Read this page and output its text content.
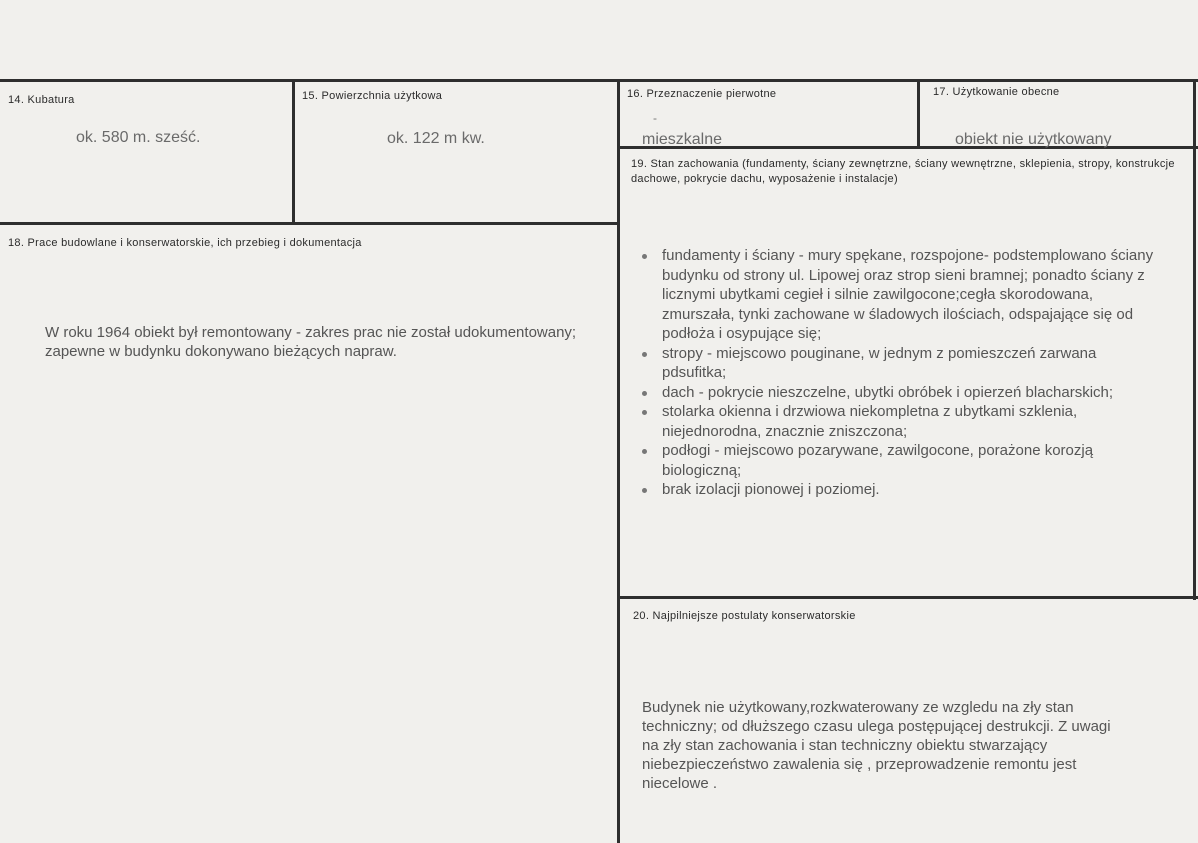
14. Kubatura
ok. 580 m. sześć.
15. Powierzchnia użytkowa
ok. 122 m kw.
16. Przeznaczenie pierwotne
-
mieszkalne
17. Użytkowanie obecne
obiekt nie użytkowany
18. Prace budowlane i konserwatorskie, ich przebieg i dokumentacja
W roku 1964 obiekt był remontowany - zakres prac nie został udokumentowany; zapewne w budynku dokonywano bieżących napraw.
19. Stan zachowania (fundamenty, ściany zewnętrzne, ściany wewnętrzne, sklepienia, stropy, konstrukcje dachowe, pokrycie dachu, wyposażenie i instalacje)
fundamenty i ściany - mury spękane, rozspojone- podstemplowano ściany budynku od strony ul. Lipowej oraz strop sieni bramnej; ponadto ściany z licznymi ubytkami cegieł i silnie zawilgocone;cegła skorodowana, zmurszała, tynki zachowane w śladowych ilościach, odspajające się od podłoża i osypujące się;
stropy - miejscowo pouginane, w jednym z pomieszczeń zarwana pdsufitka;
dach - pokrycie nieszczelne, ubytki obróbek i opierzeń blacharskich;
stolarka okienna i drzwiowa niekompletna z ubytkami szklenia, niejednorodna, znacznie zniszczona;
podłogi - miejscowo pozarywane, zawilgocone, porażone korozją biologiczną;
brak izolacji pionowej i poziomej.
20. Najpilniejsze postulaty konserwatorskie
Budynek nie użytkowany,rozkwaterowany ze wzgledu na zły stan techniczny; od dłuższego czasu ulega postępującej destrukcji. Z uwagi na zły stan zachowania i stan techniczny obiektu stwarzający niebezpieczeństwo zawalenia się , przeprowadzenie remontu jest niecelowe .
